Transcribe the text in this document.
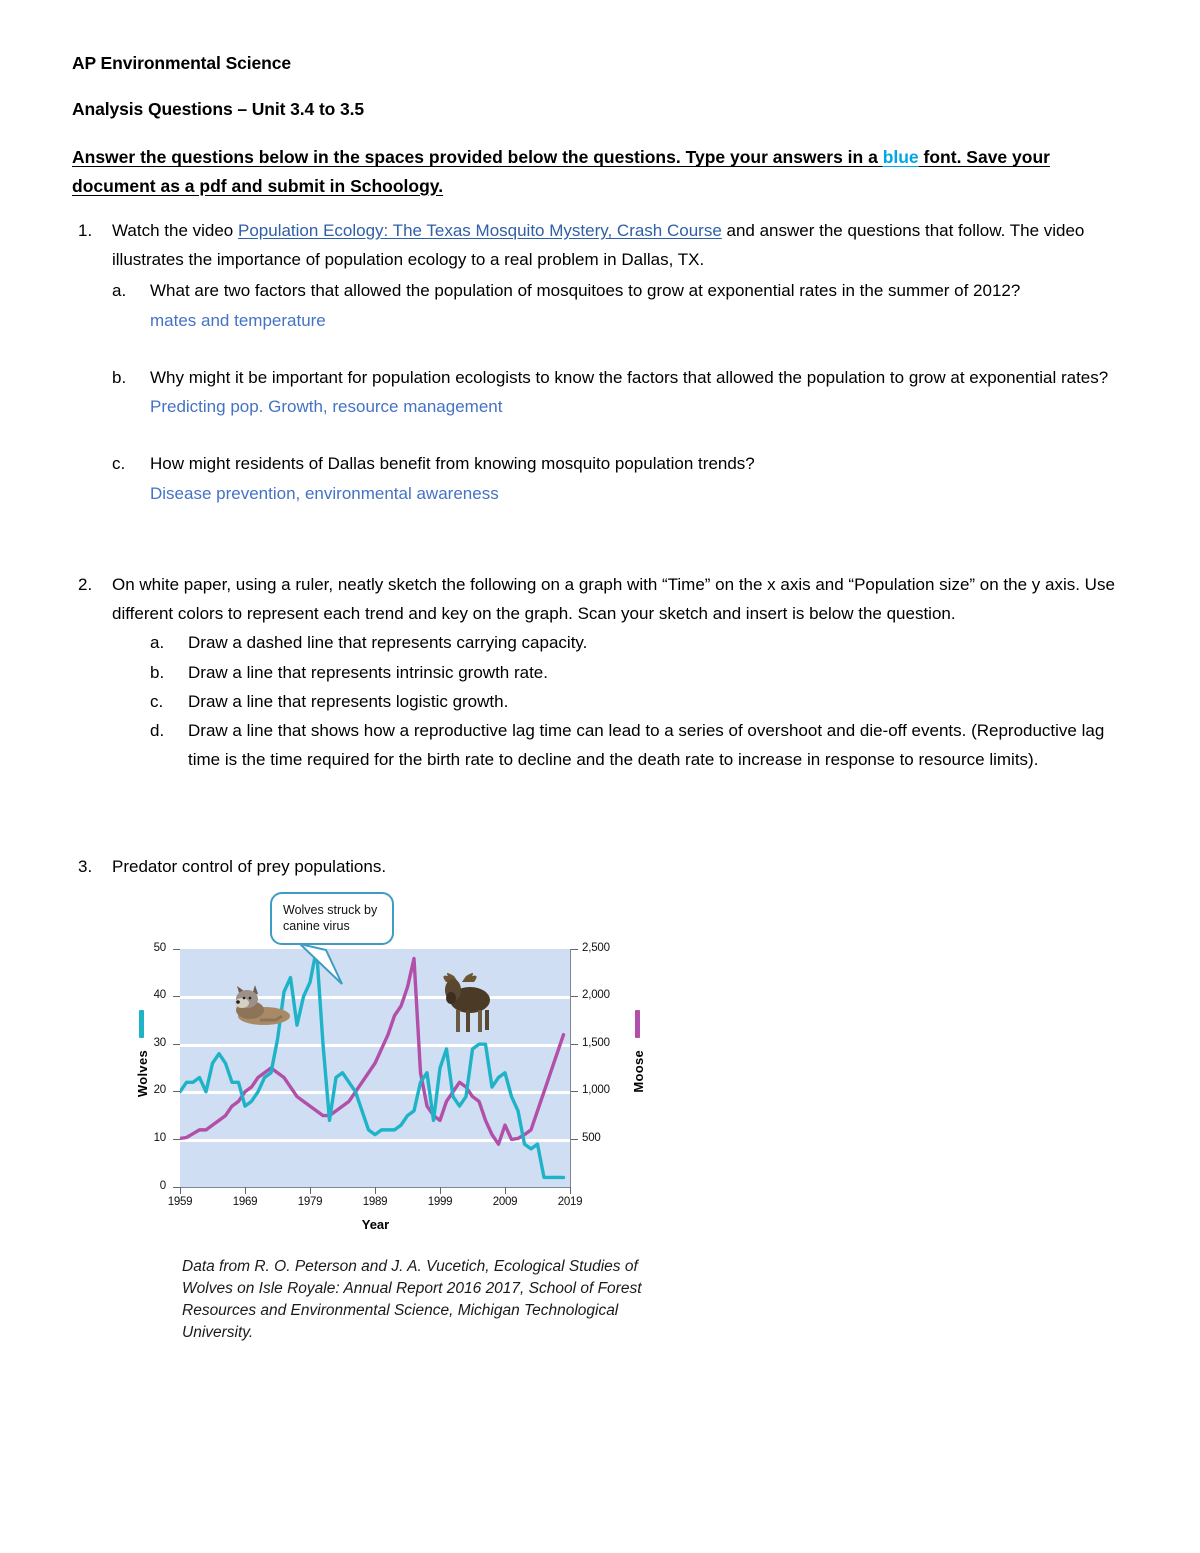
AP Environmental Science
Analysis Questions – Unit 3.4 to 3.5
Answer the questions below in the spaces provided below the questions. Type your answers in a blue font. Save your document as a pdf and submit in Schoology.
1.	Watch the video Population Ecology: The Texas Mosquito Mystery, Crash Course and answer the questions that follow. The video illustrates the importance of population ecology to a real problem in Dallas, TX.
a.	What are two factors that allowed the population of mosquitoes to grow at exponential rates in the summer of 2012?
mates and temperature
b.	Why might it be important for population ecologists to know the factors that allowed the population to grow at exponential rates?
Predicting pop. Growth, resource management
c.	How might residents of Dallas benefit from knowing mosquito population trends?
Disease prevention, environmental awareness
2.	On white paper, using a ruler, neatly sketch the following on a graph with “Time” on the x axis and “Population size” on the y axis. Use different colors to represent each trend and key on the graph. Scan your sketch and insert is below the question.
a.	Draw a dashed line that represents carrying capacity.
b.	Draw a line that represents intrinsic growth rate.
c.	Draw a line that represents logistic growth.
d.	Draw a line that shows how a reproductive lag time can lead to a series of overshoot and die-off events. (Reproductive lag time is the time required for the birth rate to decline and the death rate to increase in response to resource limits).
3.	Predator control of prey populations.
Wolves struck by canine virus
50
40
30
20
10
0
2,500
2,000
1,500
1,000
500
1959	1969	1979	1989	1999	2009	2019
Year
Wolves	Moose
Data from R. O. Peterson and J. A. Vucetich, Ecological Studies of Wolves on Isle Royale: Annual Report 2016 2017, School of Forest Resources and Environmental Science, Michigan Technological University.
